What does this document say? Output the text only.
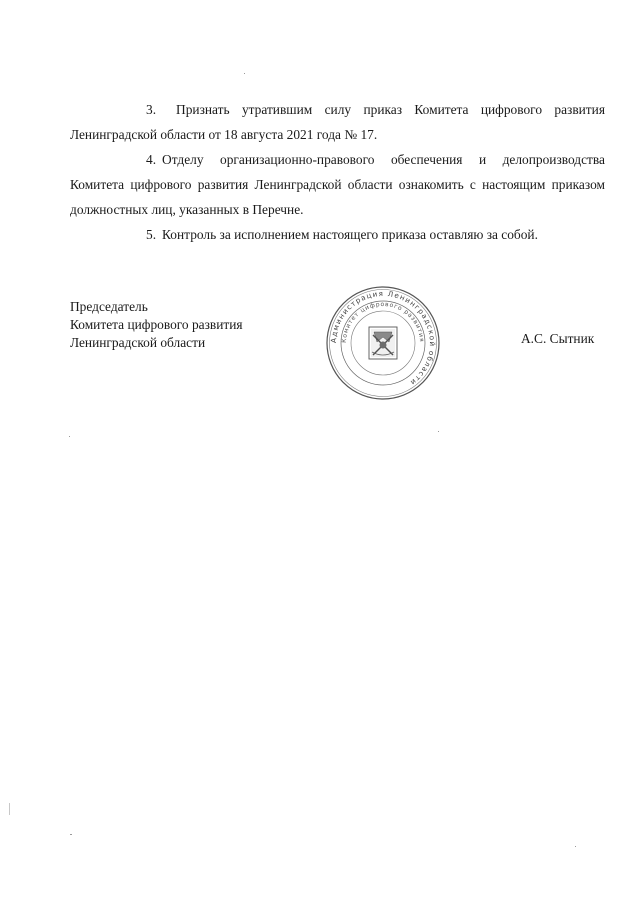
3. Признать утратившим силу приказ Комитета цифрового развития Ленинградской области от 18 августа 2021 года № 17.

4. Отделу организационно-правового обеспечения и делопроизводства Комитета цифрового развития Ленинградской области ознакомить с настоящим приказом должностных лиц, указанных в Перечне.

5. Контроль за исполнением настоящего приказа оставляю за собой.

Председатель
Комитета цифрового развития
Ленинградской области	Администрация Ленинградской области
Комитет цифрового развития	А.С. Сытник
